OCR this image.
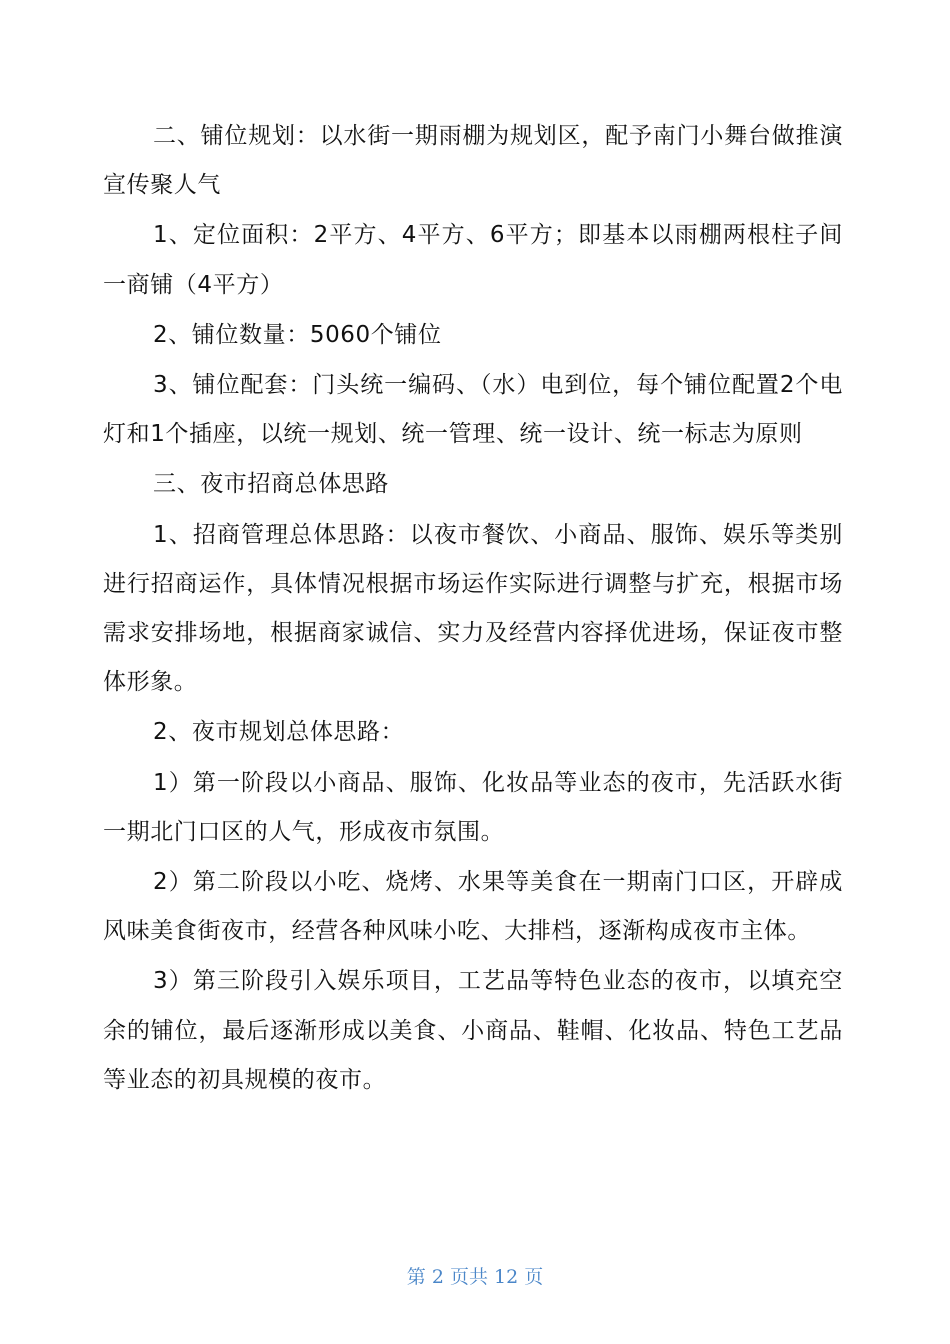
二、铺位规划：以水街一期雨棚为规划区，配予南门小舞台做推演宣传聚人气

1、定位面积：2平方、4平方、6平方；即基本以雨棚两根柱子间一商铺（4平方）

2、铺位数量：5060个铺位

3、铺位配套：门头统一编码、（水）电到位，每个铺位配置2个电灯和1个插座，以统一规划、统一管理、统一设计、统一标志为原则

三、夜市招商总体思路

1、招商管理总体思路：以夜市餐饮、小商品、服饰、娱乐等类别进行招商运作，具体情况根据市场运作实际进行调整与扩充，根据市场需求安排场地，根据商家诚信、实力及经营内容择优进场，保证夜市整体形象。

2、夜市规划总体思路：

1）第一阶段以小商品、服饰、化妆品等业态的夜市，先活跃水街一期北门口区的人气，形成夜市氛围。

2）第二阶段以小吃、烧烤、水果等美食在一期南门口区，开辟成风味美食街夜市，经营各种风味小吃、大排档，逐渐构成夜市主体。

3）第三阶段引入娱乐项目，工艺品等特色业态的夜市，以填充空余的铺位，最后逐渐形成以美食、小商品、鞋帽、化妆品、特色工艺品等业态的初具规模的夜市。

第 2 页共 12 页
